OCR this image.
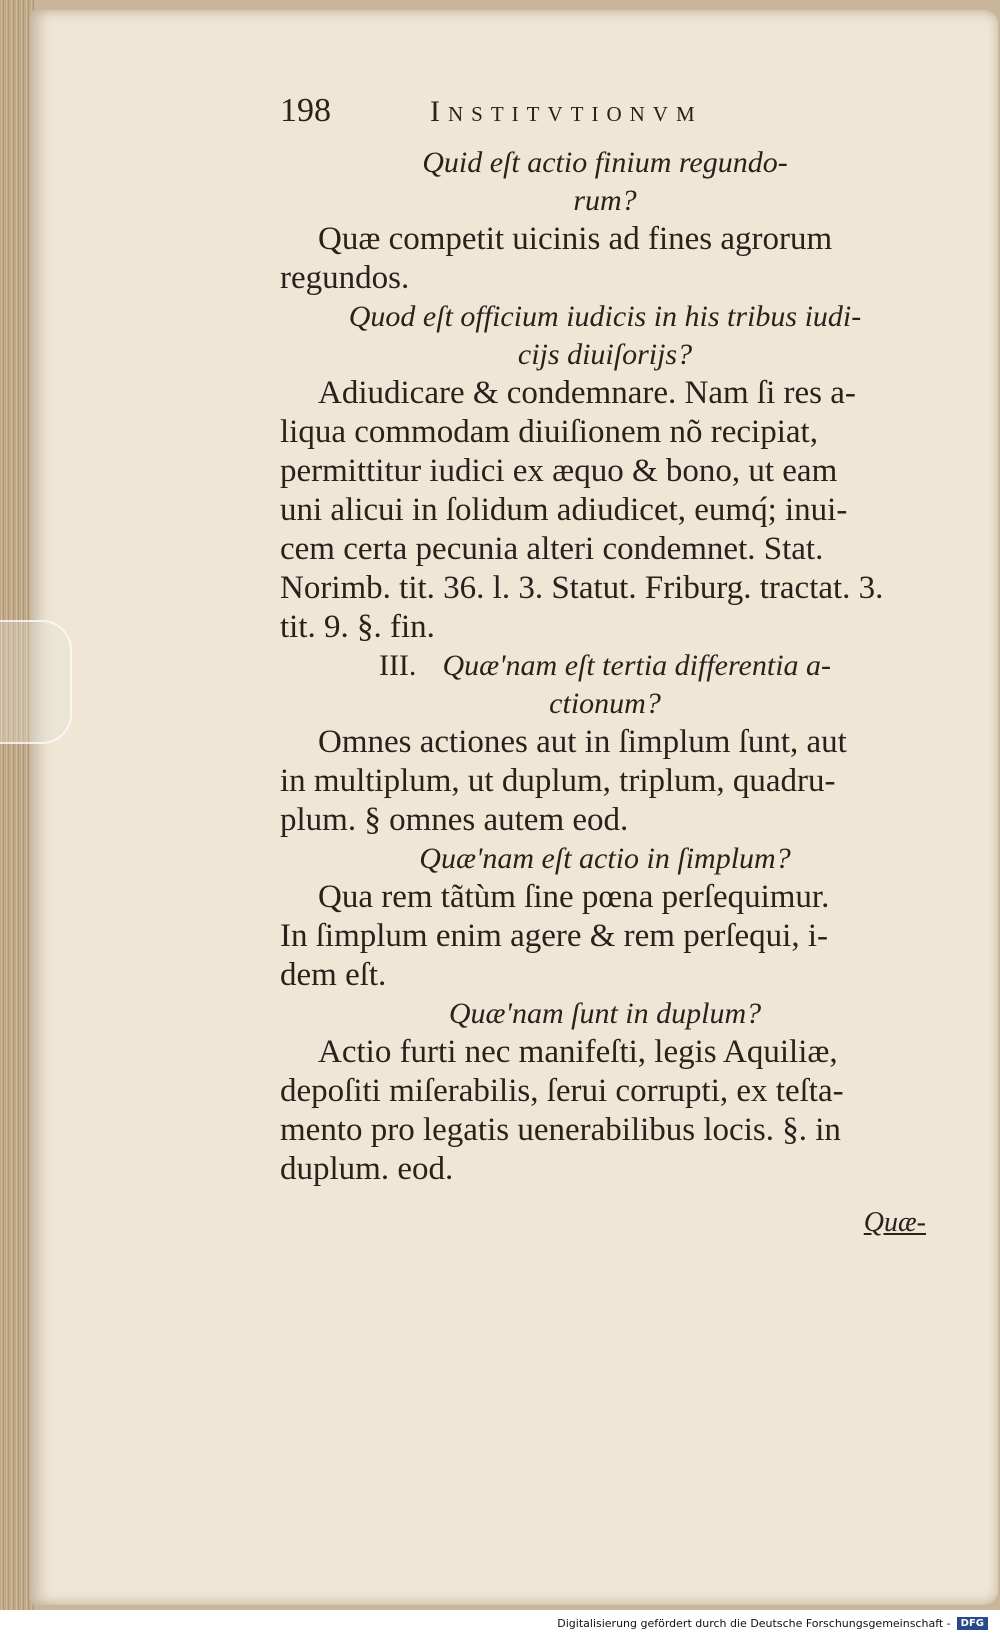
198	Institvtionvm
Quid eſt actio finium regundo-
rum?
Quæ competit uicinis ad fines agrorum
regundos.
Quod eſt officium iudicis in his tribus iudi-
cijs diuiſorijs?
Adiudicare & condemnare. Nam ſi res a-
liqua commodam diuiſionem nõ recipiat,
permittitur iudici ex æquo & bono, ut eam
uni alicui in ſolidum adiudicet, eumq́; inui-
cem certa pecunia alteri condemnet. Stat.
Norimb. tit. 36. l. 3. Statut. Friburg. tractat. 3.
tit. 9. §. fin.
III. Quæ'nam eſt tertia differentia a-
ctionum?
Omnes actiones aut in ſimplum ſunt, aut
in multiplum, ut duplum, triplum, quadru-
plum. § omnes autem eod.
Quæ'nam eſt actio in ſimplum?
Qua rem tãtùm ſine pœna perſequimur.
In ſimplum enim agere & rem perſequi, i-
dem eſt.
Quæ'nam ſunt in duplum?
Actio furti nec manifeſti, legis Aquiliæ,
depoſiti miſerabilis, ſerui corrupti, ex teſta-
mento pro legatis uenerabilibus locis. §. in
duplum. eod.
Quæ-
Digitalisierung gefördert durch die Deutsche Forschungsgemeinschaft -	DFG
